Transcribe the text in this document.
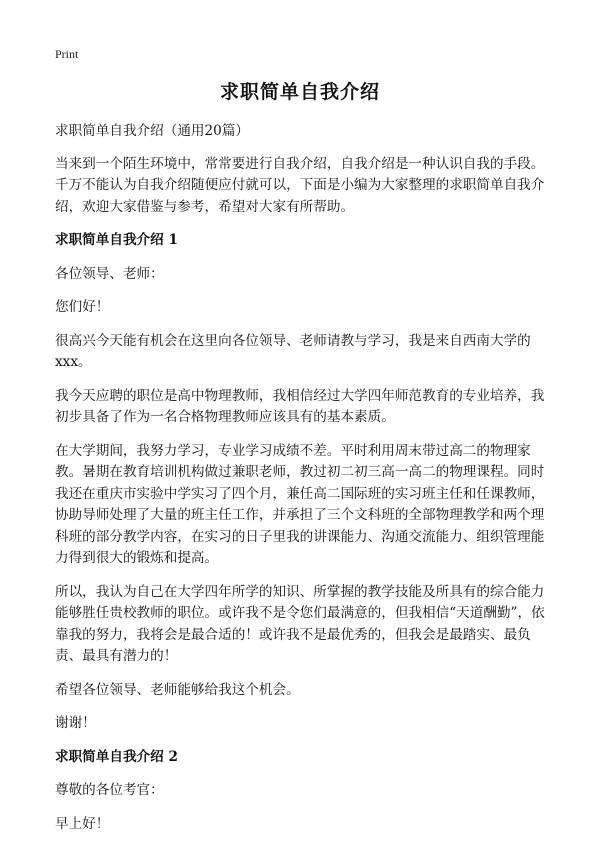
Print
求职简单自我介绍

求职简单自我介绍（通用20篇）

当来到一个陌生环境中，常常要进行自我介绍，自我介绍是一种认识自我的手段。千万不能认为自我介绍随便应付就可以，下面是小编为大家整理的求职简单自我介绍，欢迎大家借鉴与参考，希望对大家有所帮助。

求职简单自我介绍 1

各位领导、老师：

您们好！

很高兴今天能有机会在这里向各位领导、老师请教与学习，我是来自西南大学的xxx。

我今天应聘的职位是高中物理教师，我相信经过大学四年师范教育的专业培养，我初步具备了作为一名合格物理教师应该具有的基本素质。

在大学期间，我努力学习，专业学习成绩不差。平时利用周末带过高二的物理家教。暑期在教育培训机构做过兼职老师，教过初二初三高一高二的物理课程。同时我还在重庆市实验中学实习了四个月，兼任高二国际班的实习班主任和任课教师，协助导师处理了大量的班主任工作，并承担了三个文科班的全部物理教学和两个理科班的部分教学内容，在实习的日子里我的讲课能力、沟通交流能力、组织管理能力得到很大的锻炼和提高。

所以，我认为自己在大学四年所学的知识、所掌握的教学技能及所具有的综合能力能够胜任贵校教师的职位。或许我不是令您们最满意的，但我相信“天道酬勤”，依靠我的努力，我将会是最合适的！或许我不是最优秀的，但我会是最踏实、最负责、最具有潜力的！

希望各位领导、老师能够给我这个机会。

谢谢！

求职简单自我介绍 2

尊敬的各位考官：

早上好！
